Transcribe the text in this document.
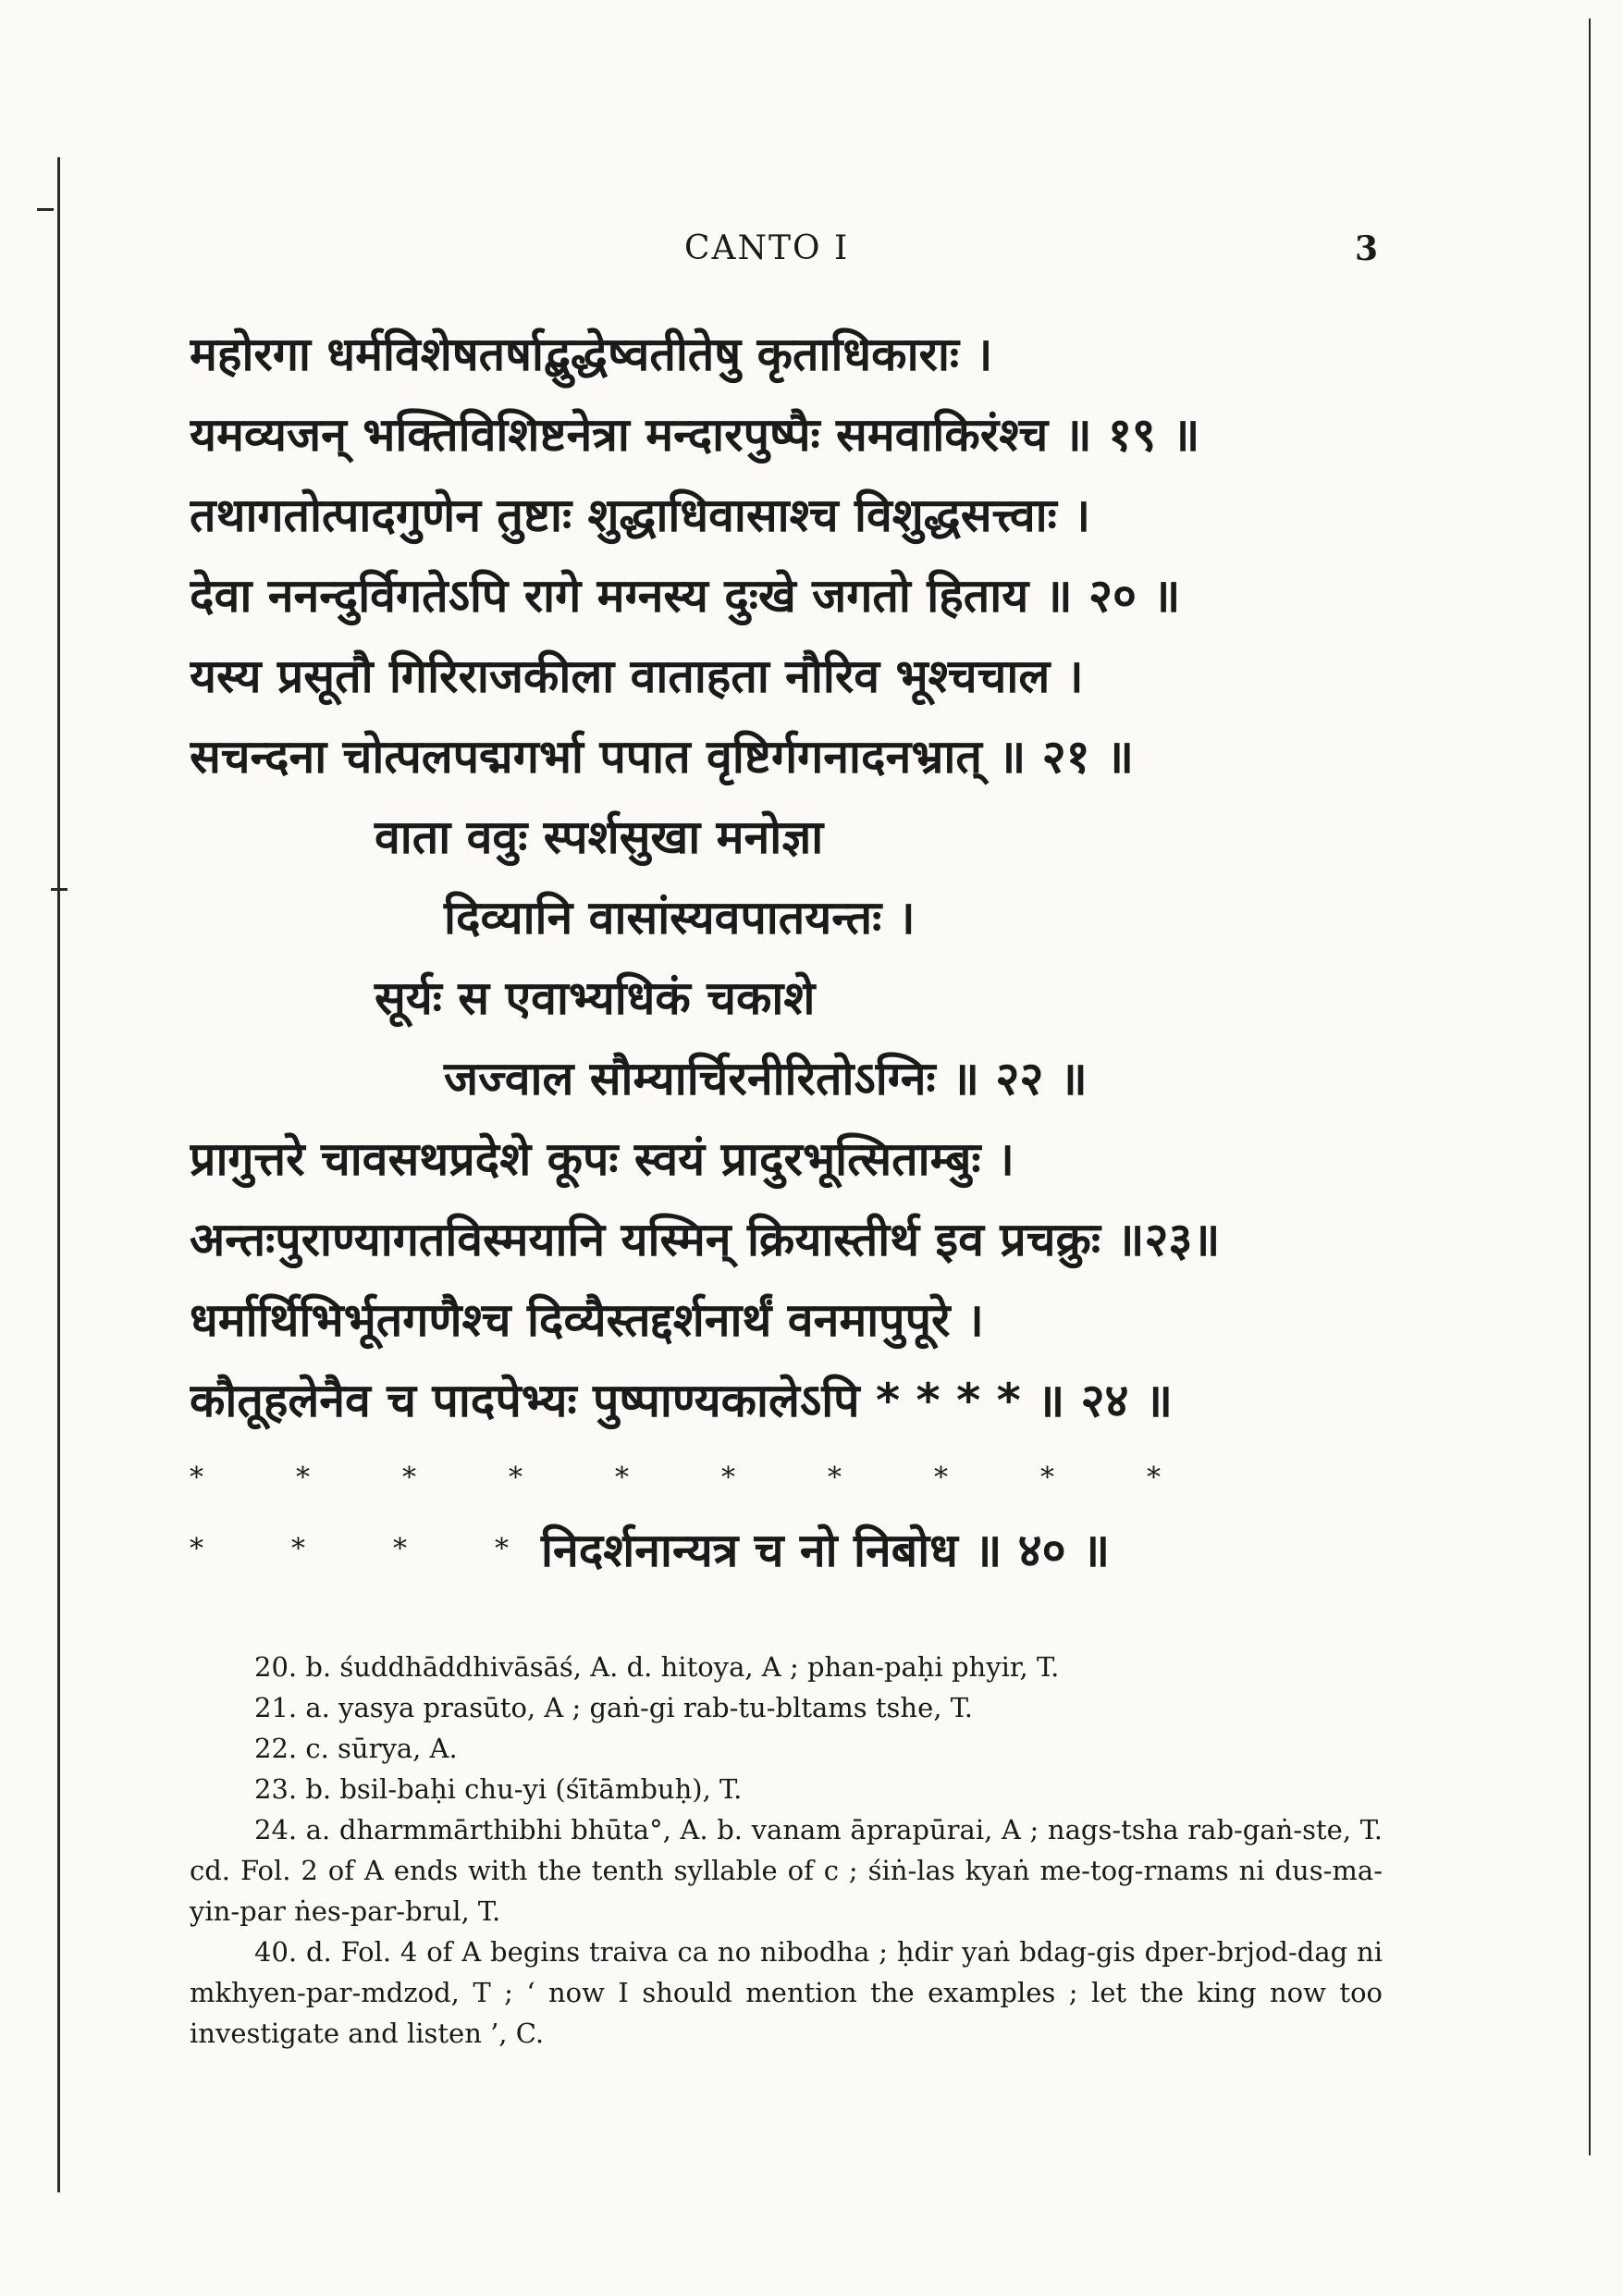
CANTO I	3
महोरगा धर्मविशेषतर्षाद्बुद्धेष्वतीतेषु कृताधिकाराः ।
यमव्यजन् भक्तिविशिष्टनेत्रा मन्दारपुष्पैः समवाकिरंश्च ॥ १९ ॥
तथागतोत्पादगुणेन तुष्टाः शुद्धाधिवासाश्च विशुद्धसत्त्वाः ।
देवा ननन्दुर्विगतेऽपि रागे मग्नस्य दुःखे जगतो हिताय ॥ २० ॥
यस्य प्रसूतौ गिरिराजकीला वाताहता नौरिव भूश्चचाल ।
सचन्दना चोत्पलपद्मगर्भा पपात वृष्टिर्गगनादनभ्रात् ॥ २१ ॥
वाता ववुः स्पर्शसुखा मनोज्ञा
दिव्यानि वासांस्यवपातयन्तः ।
सूर्यः स एवाभ्यधिकं चकाशे
जज्वाल सौम्यार्चिरनीरितोऽग्निः ॥ २२ ॥
प्रागुत्तरे चावसथप्रदेशे कूपः स्वयं प्रादुरभूत्सिताम्बुः ।
अन्तःपुराण्यागतविस्मयानि यस्मिन् क्रियास्तीर्थ इव प्रचक्रुः ॥२३॥
धर्मार्थिभिर्भूतगणैश्च दिव्यैस्तद्दर्शनार्थं वनमापुपूरे ।
कौतूहलेनैव च पादपेभ्यः पुष्पाण्यकालेऽपि * * * * ॥ २४ ॥
*	*	*	*	*	*	*	*	*	*
*	*	*	* निदर्शनान्यत्र च नो निबोध ॥ ४० ॥
20. b. śuddhāddhivāsāś, A. d. hitoya, A ; phan-paḥi phyir, T.
21. a. yasya prasūto, A ; gaṅ-gi rab-tu-bltams tshe, T.
22. c. sūrya, A.
23. b. bsil-baḥi chu-yi (śītāmbuḥ), T.
24. a. dharmmārthibhi bhūta°, A. b. vanam āprapūrai, A ; nags-tsha rab-gaṅ-ste, T. cd. Fol. 2 of A ends with the tenth syllable of c ; śiṅ-las kyaṅ me-tog-rnams ni dus-ma-yin-par ṅes-par-brul, T.
40. d. Fol. 4 of A begins traiva ca no nibodha ; ḥdir yaṅ bdag-gis dper-brjod-dag ni mkhyen-par-mdzod, T ; ‘ now I should mention the examples ; let the king now too investigate and listen ’, C.
